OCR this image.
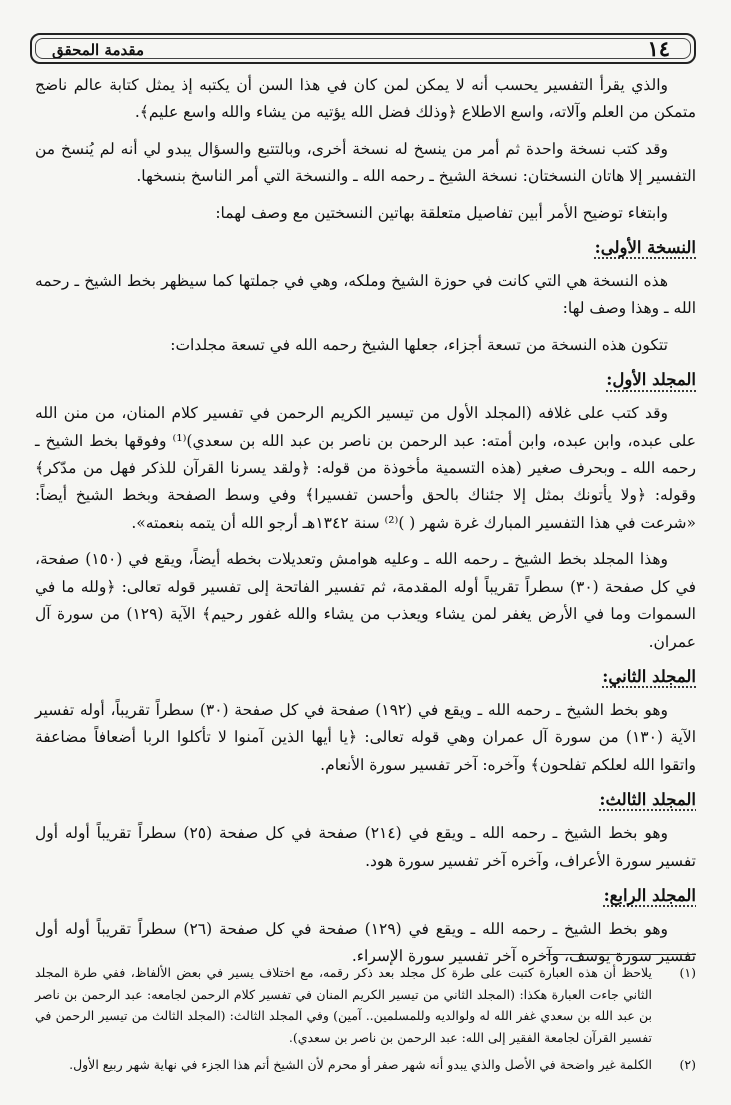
١٤
مقدمة المحقق

والذي يقرأ التفسير يحسب أنه لا يمكن لمن كان في هذا السن أن يكتبه إذ يمثل كتابة عالم ناضج متمكن من العلم وآلاته، واسع الاطلاع ﴿وذلك فضل الله يؤتيه من يشاء والله واسع عليم﴾.

وقد كتب نسخة واحدة ثم أمر من ينسخ له نسخة أخرى، وبالتتبع والسؤال يبدو لي أنه لم يُنسخ من التفسير إلا هاتان النسختان: نسخة الشيخ ـ رحمه الله ـ والنسخة التي أمر الناسخ بنسخها.

وابتغاء توضيح الأمر أبين تفاصيل متعلقة بهاتين النسختين مع وصف لهما:

النسخة الأولى:

هذه النسخة هي التي كانت في حوزة الشيخ وملكه، وهي في جملتها كما سيظهر بخط الشيخ ـ رحمه الله ـ وهذا وصف لها:

تتكون هذه النسخة من تسعة أجزاء، جعلها الشيخ رحمه الله في تسعة مجلدات:

المجلد الأول:

وقد كتب على غلافه (المجلد الأول من تيسير الكريم الرحمن في تفسير كلام المنان، من منن الله على عبده، وابن عبده، وابن أمته: عبد الرحمن بن ناصر بن عبد الله بن سعدي)⁽¹⁾ وفوقها بخط الشيخ ـ رحمه الله ـ وبحرف صغير (هذه التسمية مأخوذة من قوله: ﴿ولقد يسرنا القرآن للذكر فهل من مدّكر﴾ وقوله: ﴿ولا يأتونك بمثل إلا جئناك بالحق وأحسن تفسيرا﴾ وفي وسط الصفحة وبخط الشيخ أيضاً: «شرعت في هذا التفسير المبارك غرة شهر ( )⁽²⁾ سنة ١٣٤٢هـ أرجو الله أن يتمه بنعمته».

وهذا المجلد بخط الشيخ ـ رحمه الله ـ وعليه هوامش وتعديلات بخطه أيضاً، ويقع في (١٥٠) صفحة، في كل صفحة (٣٠) سطراً تقريباً أوله المقدمة، ثم تفسير الفاتحة إلى تفسير قوله تعالى: ﴿ولله ما في السموات وما في الأرض يغفر لمن يشاء ويعذب من يشاء والله غفور رحيم﴾ الآية (١٢٩) من سورة آل عمران.

المجلد الثاني:

وهو بخط الشيخ ـ رحمه الله ـ ويقع في (١٩٢) صفحة في كل صفحة (٣٠) سطراً تقريباً، أوله تفسير الآية (١٣٠) من سورة آل عمران وهي قوله تعالى: ﴿يا أيها الذين آمنوا لا تأكلوا الربا أضعافاً مضاعفة واتقوا الله لعلكم تفلحون﴾ وآخره: آخر تفسير سورة الأنعام.

المجلد الثالث:

وهو بخط الشيخ ـ رحمه الله ـ ويقع في (٢١٤) صفحة في كل صفحة (٢٥) سطراً تقريباً أوله أول تفسير سورة الأعراف، وآخره آخر تفسير سورة هود.

المجلد الرابع:

وهو بخط الشيخ ـ رحمه الله ـ ويقع في (١٢٩) صفحة في كل صفحة (٢٦) سطراً تقريباً أوله أول تفسير سورة يوسف، وآخره آخر تفسير سورة الإسراء.

(١)
يلاحظ أن هذه العبارة كتبت على طرة كل مجلد بعد ذكر رقمه، مع اختلاف يسير في بعض الألفاظ، ففي طرة المجلد الثاني جاءت العبارة هكذا: (المجلد الثاني من تيسير الكريم المنان في تفسير كلام الرحمن لجامعه: عبد الرحمن بن ناصر بن عبد الله بن سعدي غفر الله له ولوالديه وللمسلمين.. آمين) وفي المجلد الثالث: (المجلد الثالث من تيسير الرحمن في تفسير القرآن لجامعة الفقير إلى الله: عبد الرحمن بن ناصر بن سعدي).
(٢)
الكلمة غير واضحة في الأصل والذي يبدو أنه شهر صفر أو محرم لأن الشيخ أتم هذا الجزء في نهاية شهر ربيع الأول.
